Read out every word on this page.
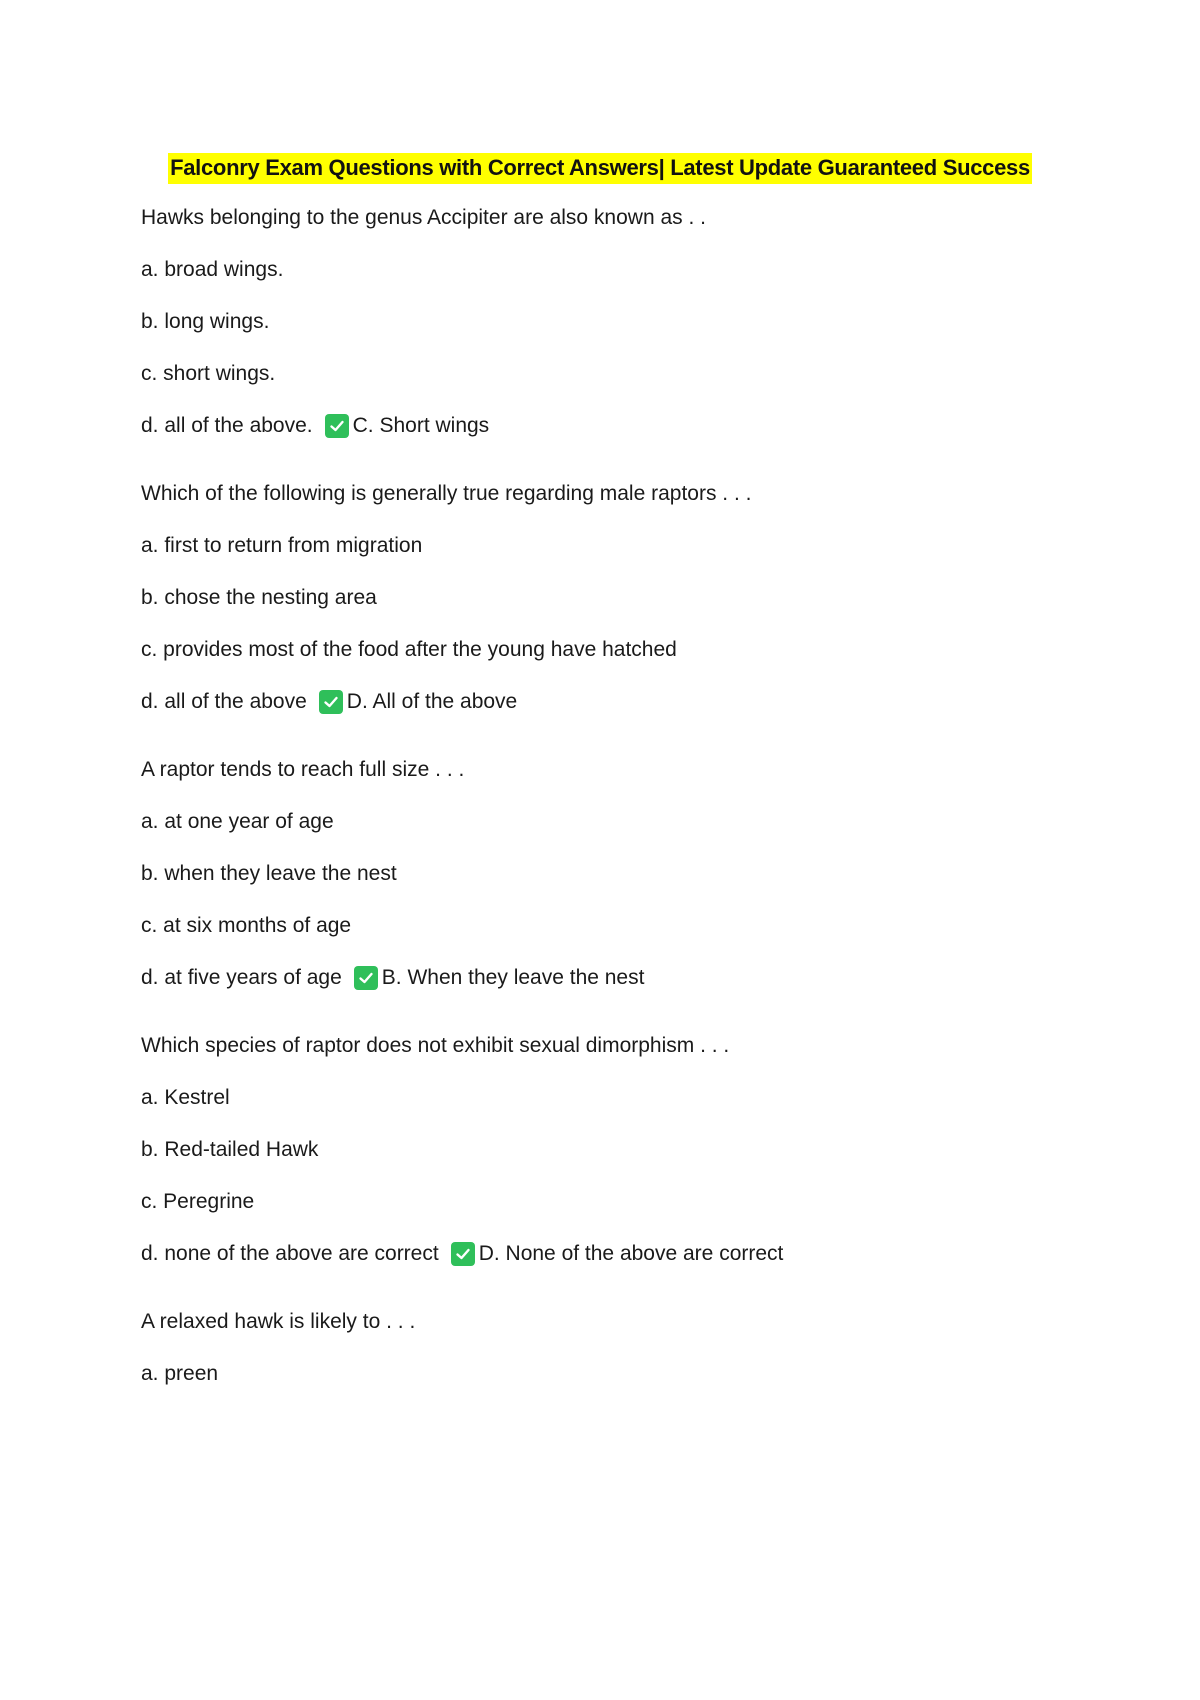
Falconry Exam Questions with Correct Answers| Latest Update Guaranteed Success

Hawks belonging to the genus Accipiter are also known as . .

a. broad wings.

b. long wings.

c. short wings.

d. all of the above. C. Short wings

Which of the following is generally true regarding male raptors . . .

a. first to return from migration

b. chose the nesting area

c. provides most of the food after the young have hatched

d. all of the above D. All of the above

A raptor tends to reach full size . . .

a. at one year of age

b. when they leave the nest

c. at six months of age

d. at five years of age B. When they leave the nest

Which species of raptor does not exhibit sexual dimorphism . . .

a. Kestrel

b. Red-tailed Hawk

c. Peregrine

d. none of the above are correct D. None of the above are correct

A relaxed hawk is likely to . . .

a. preen
